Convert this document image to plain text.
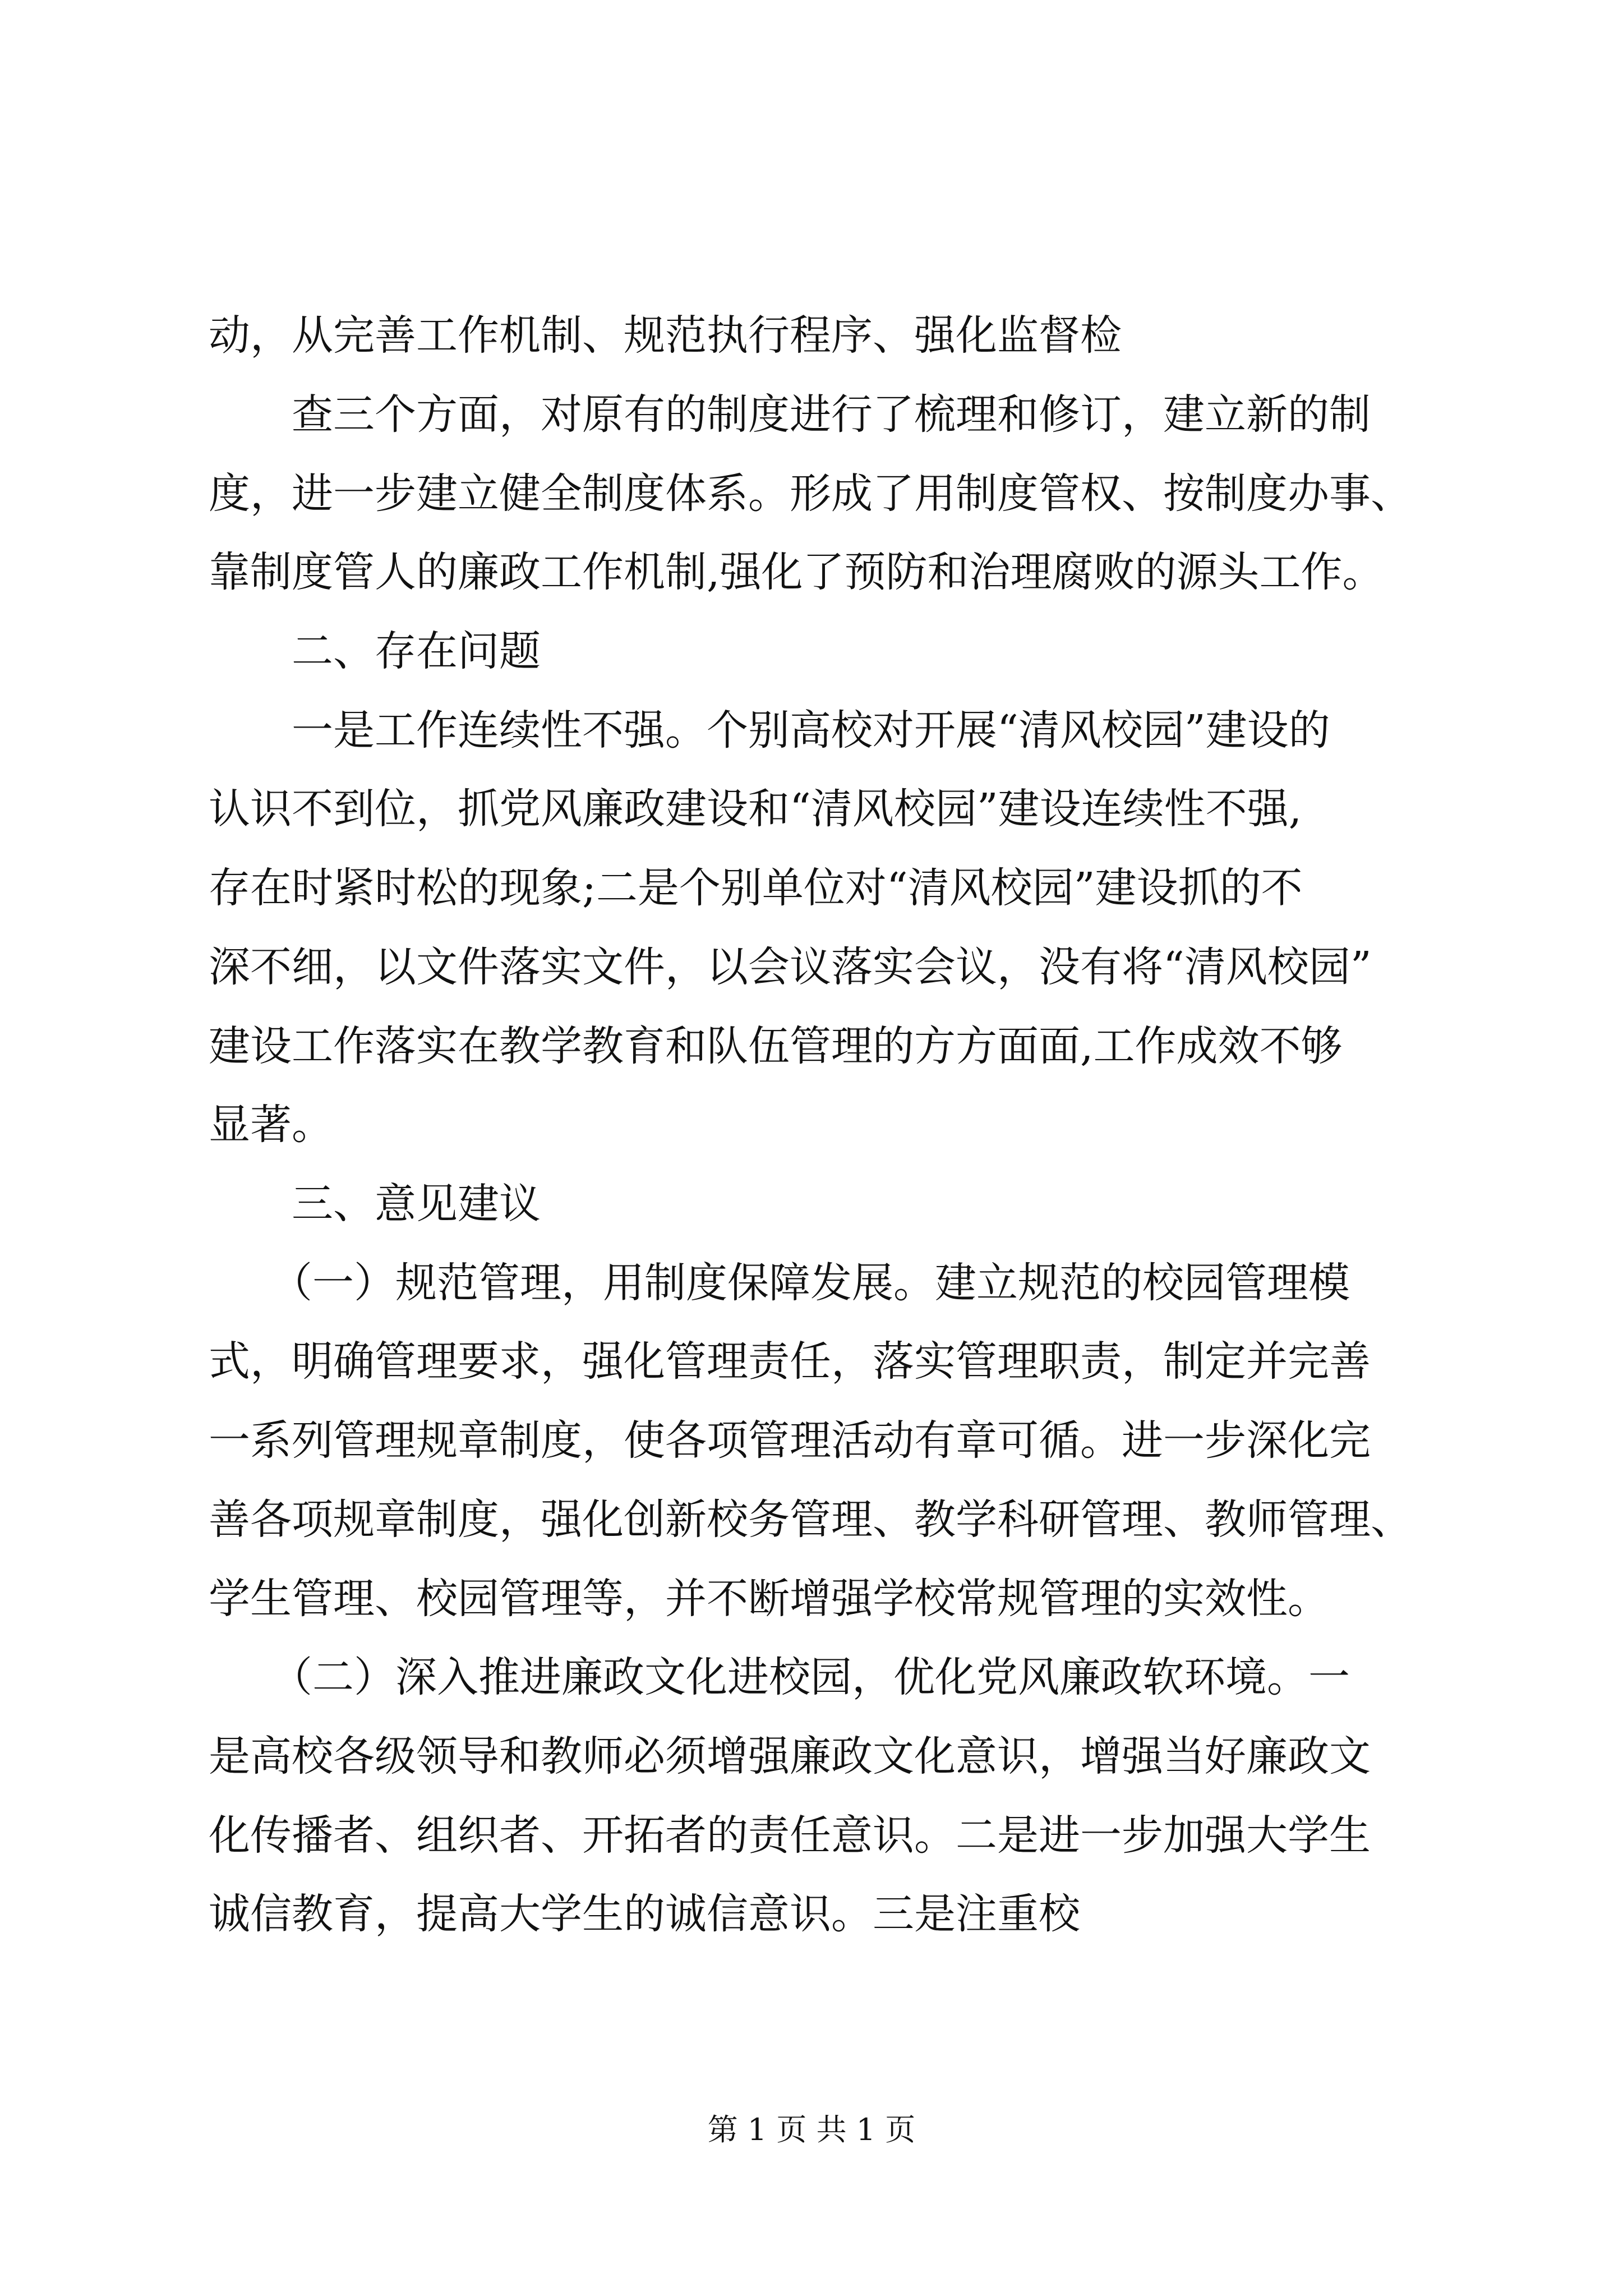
动，从完善工作机制、规范执行程序、强化监督检
　　查三个方面，对原有的制度进行了梳理和修订，建立新的制
度，进一步建立健全制度体系。形成了用制度管权、按制度办事、
靠制度管人的廉政工作机制,强化了预防和治理腐败的源头工作。
　　二、存在问题
　　一是工作连续性不强。个别高校对开展“清风校园”建设的
认识不到位，抓党风廉政建设和“清风校园”建设连续性不强,
存在时紧时松的现象;二是个别单位对“清风校园”建设抓的不
深不细，以文件落实文件，以会议落实会议，没有将“清风校园”
建设工作落实在教学教育和队伍管理的方方面面,工作成效不够
显著。
　　三、意见建议
　　（一）规范管理，用制度保障发展。建立规范的校园管理模
式，明确管理要求，强化管理责任，落实管理职责，制定并完善
一系列管理规章制度，使各项管理活动有章可循。进一步深化完
善各项规章制度，强化创新校务管理、教学科研管理、教师管理、
学生管理、校园管理等，并不断增强学校常规管理的实效性。
　　（二）深入推进廉政文化进校园，优化党风廉政软环境。一
是高校各级领导和教师必须增强廉政文化意识，增强当好廉政文
化传播者、组织者、开拓者的责任意识。二是进一步加强大学生
诚信教育，提高大学生的诚信意识。三是注重校
第 1 页 共 1 页
